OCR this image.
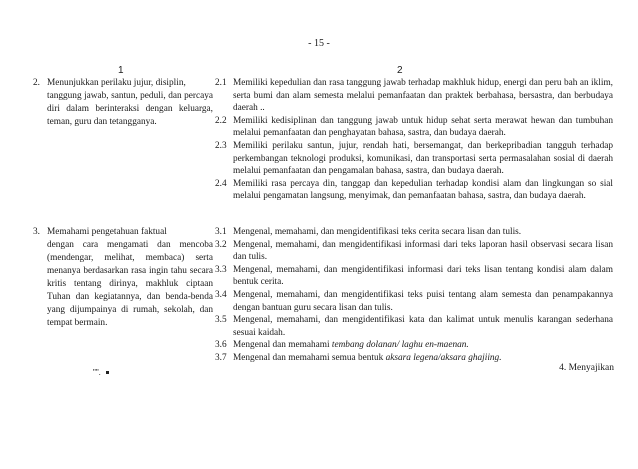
- 15 -
1	2
2. Menunjukkan perilaku jujur, disiplin,
tanggung jawab, santun, peduli, dan percaya diri dalam berinteraksi dengan keluarga, teman, guru dan tetangganya.
2.1 Memiliki kepedulian dan rasa tanggung jawab terhadap makhluk hidup, energi dan peru bah an iklim, serta bumi dan alam semesta melalui pemanfaatan dan praktek berbahasa, bersastra, dan berbudaya daerah ..
2.2 Memiliki kedisiplinan dan tanggung jawab untuk hidup sehat serta merawat hewan dan tumbuhan melalui pemanfaatan dan penghayatan bahasa, sastra, dan budaya daerah.
2.3 Memiliki perilaku santun, jujur, rendah hati, bersemangat, dan berkepribadian tangguh terhadap perkembangan teknologi produksi, komunikasi, dan transportasi serta permasalahan sosial di daerah melalui pemanfaatan dan pengamalan bahasa, sastra, dan budaya daerah.
2.4 Memiliki rasa percaya din, tanggap dan kepedulian terhadap kondisi alam dan lingkungan so sial melalui pengamatan langsung, menyimak, dan pemanfaatan bahasa, sastra, dan budaya daerah.
3. Memahami pengetahuan faktual
dengan cara mengamati dan mencoba (mendengar, melihat, membaca) serta menanya berdasarkan rasa ingin tahu secara kritis tentang dirinya, makhluk ciptaan Tuhan dan kegiatannya, dan benda-benda yang dijumpainya di rumah, sekolah, dan tempat bermain.
3.1 Mengenal, memahami, dan mengidentifikasi teks cerita secara lisan dan tulis.
3.2 Mengenal, memahami, dan mengidentifikasi informasi dari teks laporan hasil observasi secara lisan dan tulis.
3.3 Mengenal, memahami, dan mengidentifikasi informasi dari teks lisan tentang kondisi alam dalam bentuk cerita.
3.4 Mengenal, memahami, dan mengidentifikasi teks puisi tentang alam semesta dan penampakannya dengan bantuan guru secara lisan dan tulis.
3.5 Mengenal, memahami, dan mengidentifikasi kata dan kalimat untuk menulis karangan sederhana sesuai kaidah.
3.6 Mengenal dan memahami tembang dolanan/ laghu en-maenan.
3.7 Mengenal dan memahami semua bentuk aksara legena/aksara ghajiing.
"".	4. Menyajikan
